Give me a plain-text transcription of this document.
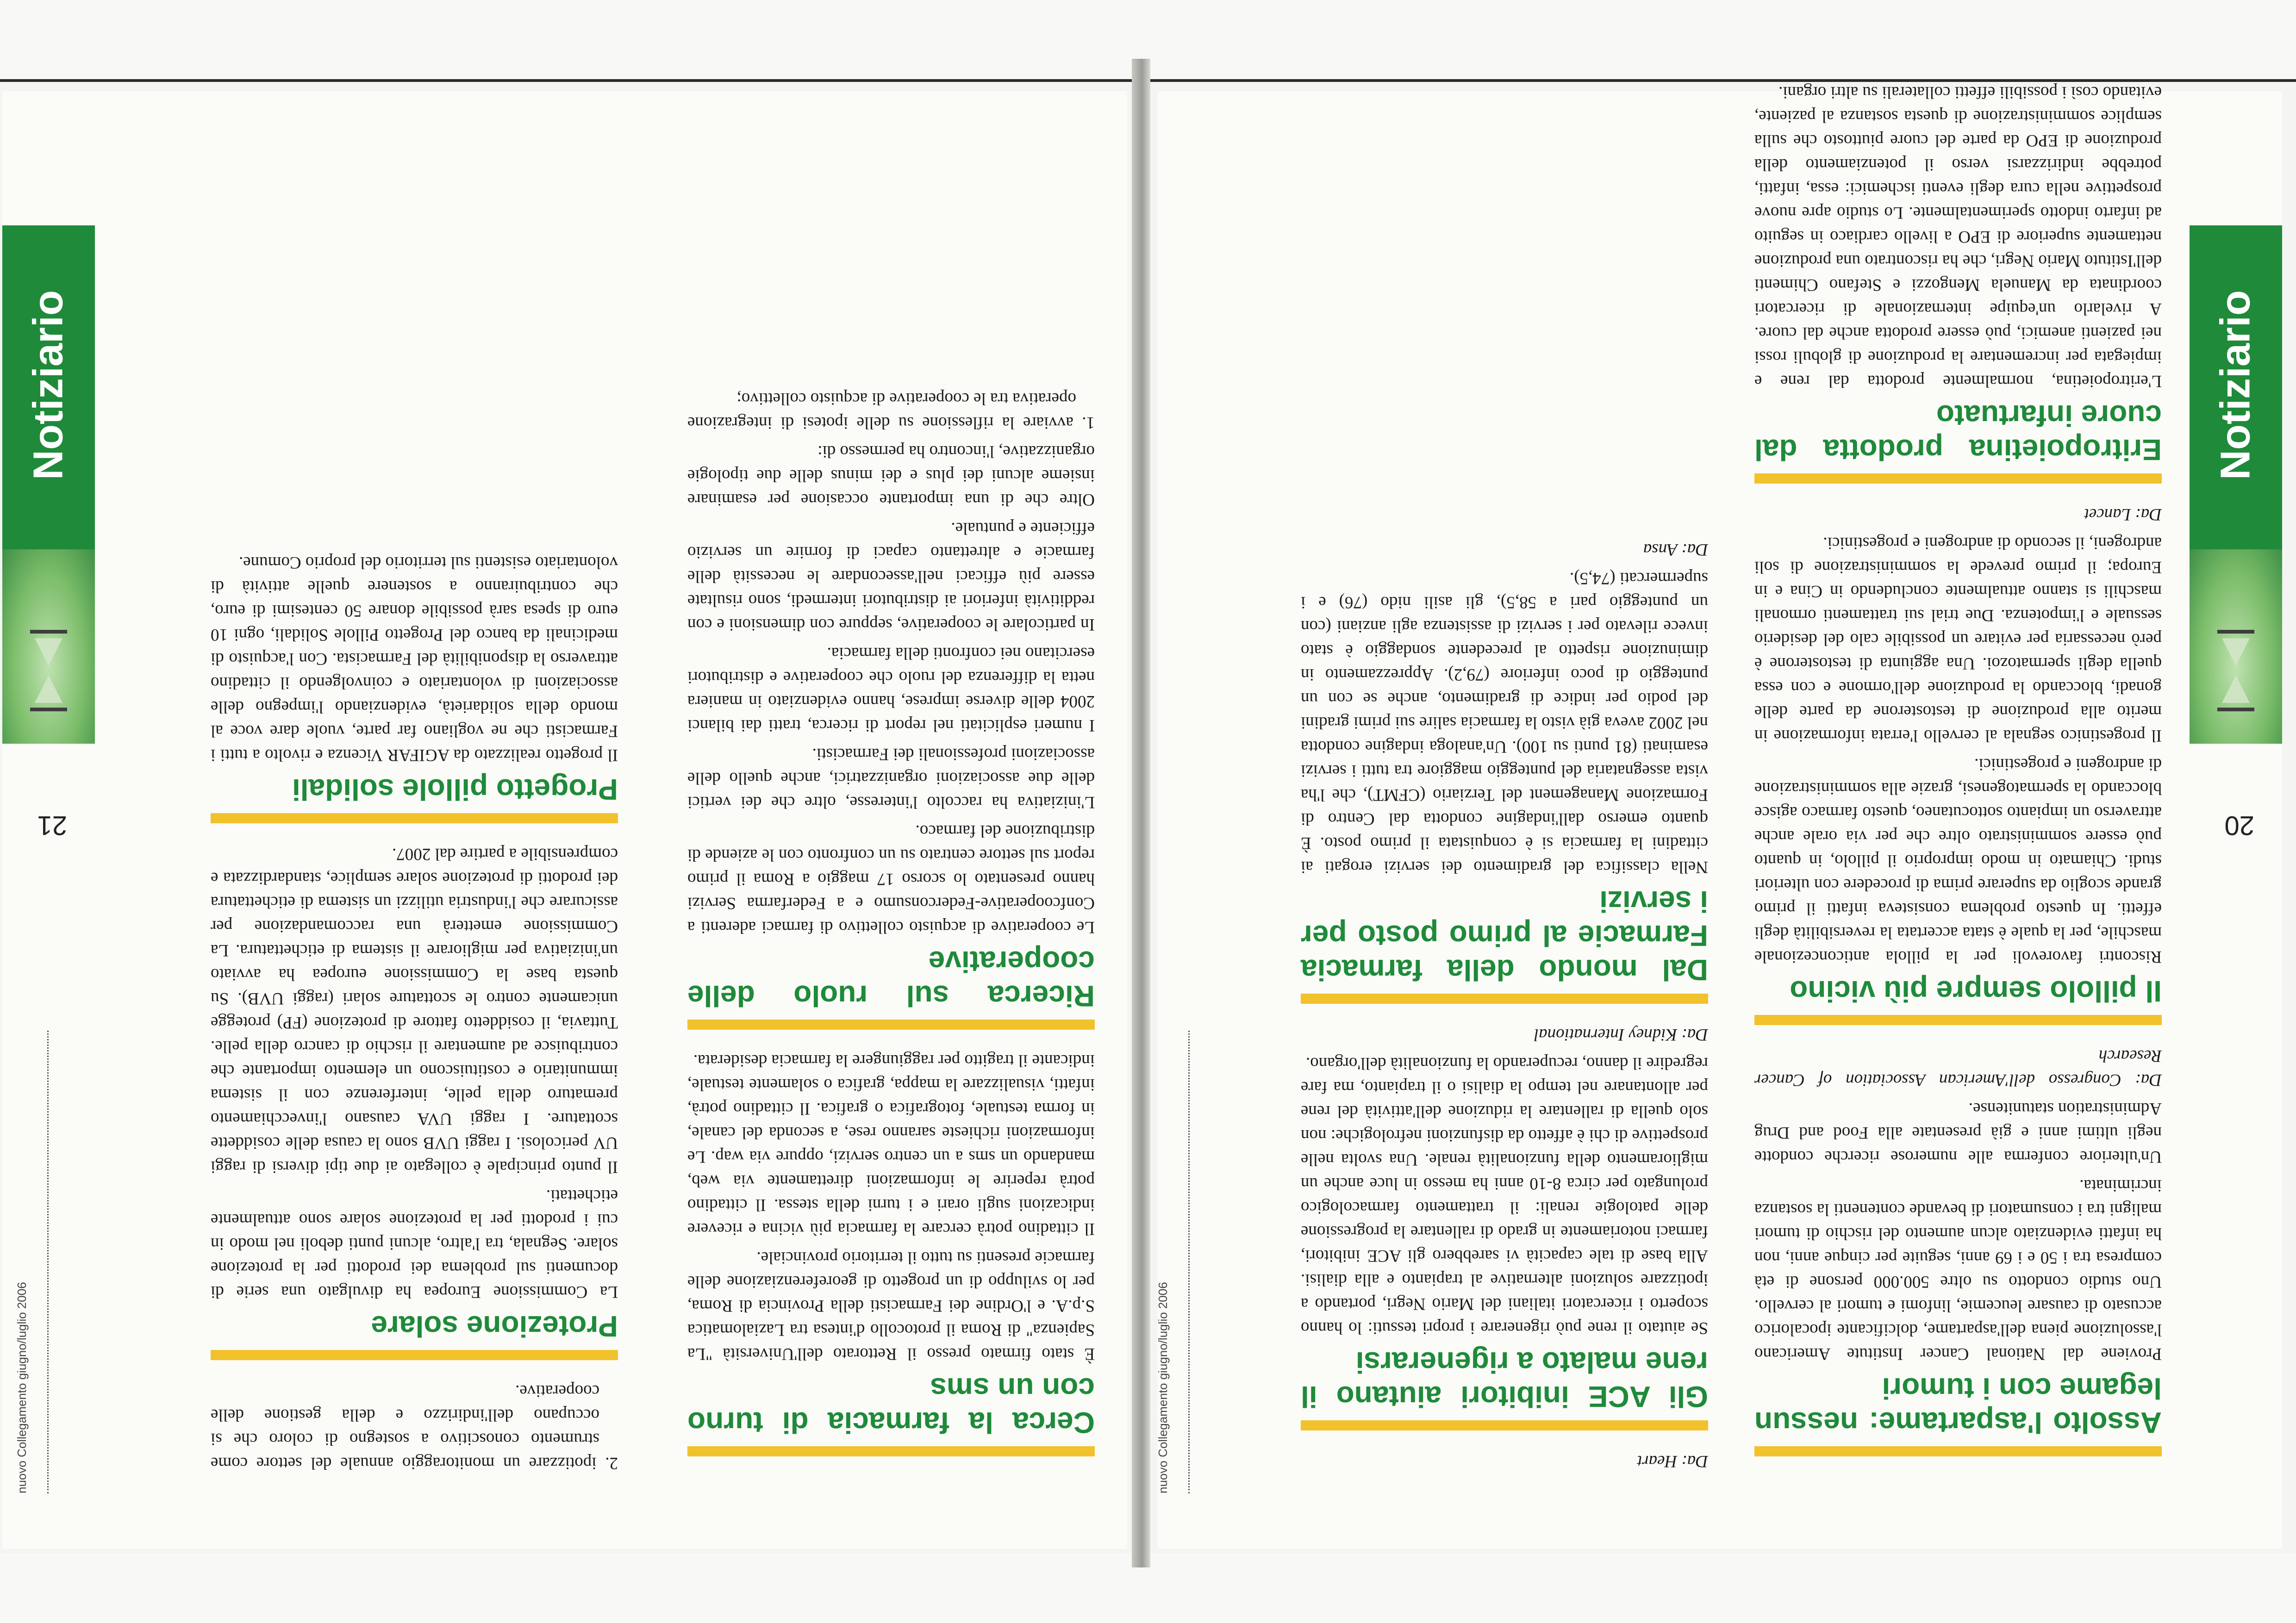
nuovo Collegamento giugno/luglio 2006
Notiziario
20
Assolto l'aspartame: nessun legame con i tumori
Proviene dal National Cancer Institute Americano l'assoluzione piena dell'aspartame, dolcificante ipocalorico accusato di causare leucemie, linfomi e tumori al cervello. Uno studio condotto su oltre 500.000 persone di età compresa tra i 50 e i 69 anni, seguite per cinque anni, non ha infatti evidenziato alcun aumento del rischio di tumori maligni tra i consumatori di bevande contenenti la sostanza incriminata.
Un'ulteriore conferma alle numerose ricerche condotte negli ultimi anni e già presentate alla Food and Drug Administration statunitense.
Da: Congresso dell'American Association of Cancer Research
Il pillolo sempre più vicino
Riscontri favorevoli per la pillola anticoncezionale maschile, per la quale è stata accertata la reversibilità degli effetti. In questo problema consisteva infatti il primo grande scoglio da superare prima di procedere con ulteriori studi. Chiamato in modo improprio il pillolo, in quanto può essere somministrato oltre che per via orale anche attraverso un impianto sottocutaneo, questo farmaco agisce bloccando la spermatogenesi, grazie alla somministrazione di androgeni e progestinici.
Il progestinico segnala al cervello l'errata informazione in merito alla produzione di testosterone da parte delle gonadi, bloccando la produzione dell'ormone e con essa quella degli spermatozoi. Una aggiunta di testosterone è però necessaria per evitare un possibile calo del desiderio sessuale e l'impotenza. Due trial sui trattamenti ormonali maschili si stanno attualmente concludendo in Cina e in Europa; il primo prevede la somministrazione di soli androgeni, il secondo di androgeni e progestinici.
Da: Lancet
Eritropoietina prodotta dal cuore infartuato
L'eritropoietina, normalmente prodotta dal rene e impiegata per incrementare la produzione di globuli rossi nei pazienti anemici, può essere prodotta anche dal cuore. A rivelarlo un'equipe internazionale di ricercatori coordinata da Manuela Mengozzi e Stefano Chimenti dell'Istituto Mario Negri, che ha riscontrato una produzione nettamente superiore di EPO a livello cardiaco in seguito ad infarto indotto sperimentalmente. Lo studio apre nuove prospettive nella cura degli eventi ischemici: essa, infatti, potrebbe indirizzarsi verso il potenziamento della produzione di EPO da parte del cuore piuttosto che sulla semplice somministrazione di questa sostanza al paziente, evitando così i possibili effetti collaterali su altri organi.
Da: Heart
Gli ACE inibitori aiutano il rene malato a rigenerarsi
Se aiutato il rene può rigenerare i propri tessuti: lo hanno scoperto i ricercatori italiani del Mario Negri, portando a ipotizzare soluzioni alternative al trapianto e alla dialisi. Alla base di tale capacità vi sarebbero gli ACE inibitori, farmaci notoriamente in grado di rallentare la progressione delle patologie renali: il trattamento farmacologico prolungato per circa 8-10 anni ha messo in luce anche un miglioramento della funzionalità renale. Una svolta nelle prospettive di chi è affetto da disfunzioni nefrologiche: non solo quella di rallentare la riduzione dell'attività del rene per allontanare nel tempo la dialisi o il trapianto, ma fare regredire il danno, recuperando la funzionalità dell'organo.
Da: Kidney International
Dal mondo della farmacia Farmacie al primo posto per i servizi
Nella classifica del gradimento dei servizi erogati ai cittadini la farmacia si è conquistata il primo posto. È quanto emerso dall'indagine condotta dal Centro di Formazione Management del Terziario (CFMT), che l'ha vista assegnataria del punteggio maggiore tra tutti i servizi esaminati (81 punti su 100). Un'analoga indagine condotta nel 2002 aveva già visto la farmacia salire sui primi gradini del podio per indice di gradimento, anche se con un punteggio di poco inferiore (79,2). Apprezzamento in diminuzione rispetto al precedente sondaggio è stato invece rilevato per i servizi di assistenza agli anziani (con un punteggio pari a 58,5), gli asili nido (76) e i supermercati (74,5).
Da: Ansa
nuovo Collegamento giugno/luglio 2006
Notiziario
21
Cerca la farmacia di turno con un sms
È stato firmato presso il Rettorato dell'Università "La Sapienza" di Roma il protocollo d'intesa tra Lazialomatica S.p.A. e l'Ordine dei Farmacisti della Provincia di Roma, per lo sviluppo di un progetto di georeferenziazione delle farmacie presenti su tutto il territorio provinciale.
Il cittadino potrà cercare la farmacia più vicina e ricevere indicazioni sugli orari e i turni della stessa. Il cittadino potrà reperire le informazioni direttamente via web, mandando un sms a un centro servizi, oppure via wap. Le informazioni richieste saranno rese, a seconda del canale, in forma testuale, fotografica o grafica. Il cittadino potrà, infatti, visualizzare la mappa, grafica o solamente testuale, indicante il tragitto per raggiungere la farmacia desiderata.
Ricerca sul ruolo delle cooperative
Le cooperative di acquisto collettivo di farmaci aderenti a Confcooperative-Federconsumo e a Federfarma Servizi hanno presentato lo scorso 17 maggio a Roma il primo report sul settore centrato su un confronto con le aziende di distribuzione del farmaco.
L'iniziativa ha raccolto l'interesse, oltre che dei vertici delle due associazioni organizzatrici, anche quello delle associazioni professionali dei Farmacisti.
I numeri esplicitati nel report di ricerca, tratti dai bilanci 2004 delle diverse imprese, hanno evidenziato in maniera netta la differenza del ruolo che cooperative e distributori esercitano nei confronti della farmacia.
In particolare le cooperative, seppure con dimensioni e con redditività inferiori ai distributori intermedi, sono risultate essere più efficaci nell'assecondare le necessità delle farmacie e altrettanto capaci di fornire un servizio efficiente e puntuale.
Oltre che di una importante occasione per esaminare insieme alcuni dei plus e dei minus delle due tipologie organizzative, l'incontro ha permesso di:
1. avviare la riflessione su delle ipotesi di integrazione operativa tra le cooperative di acquisto collettivo;
2. ipotizzare un monitoraggio annuale del settore come strumento conoscitivo a sostegno di coloro che si occupano dell'indirizzo e della gestione delle cooperative.
Protezione solare
La Commissione Europea ha divulgato una serie di documenti sul problema dei prodotti per la protezione solare. Segnala, tra l'altro, alcuni punti deboli nel modo in cui i prodotti per la protezione solare sono attualmente etichettati.
Il punto principale è collegato ai due tipi diversi di raggi UV pericolosi. I raggi UVB sono la causa delle cosiddette scottature. I raggi UVA causano l'invecchiamento prematuro della pelle, interferenze con il sistema immunitario e costituiscono un elemento importante che contribuisce ad aumentare il rischio di cancro della pelle. Tuttavia, il cosiddetto fattore di protezione (FP) protegge unicamente contro le scottature solari (raggi UVB). Su questa base la Commissione europea ha avviato un'iniziativa per migliorare il sistema di etichettatura. La Commissione emetterà una raccomandazione per assicurare che l'industria utilizzi un sistema di etichettatura dei prodotti di protezione solare semplice, standardizzata e comprensibile a partire dal 2007.
Progetto pillole solidali
Il progetto realizzato da AGIFAR Vicenza e rivolto a tutti i Farmacisti che ne vogliano far parte, vuole dare voce al mondo della solidarietà, evidenziando l'impegno delle associazioni di volontariato e coinvolgendo il cittadino attraverso la disponibilità del Farmacista. Con l'acquisto di medicinali da banco del Progetto Pillole Solidali, ogni 10 euro di spesa sarà possibile donare 50 centesimi di euro, che contribuiranno a sostenere quelle attività di volontariato esistenti sul territorio del proprio Comune.
